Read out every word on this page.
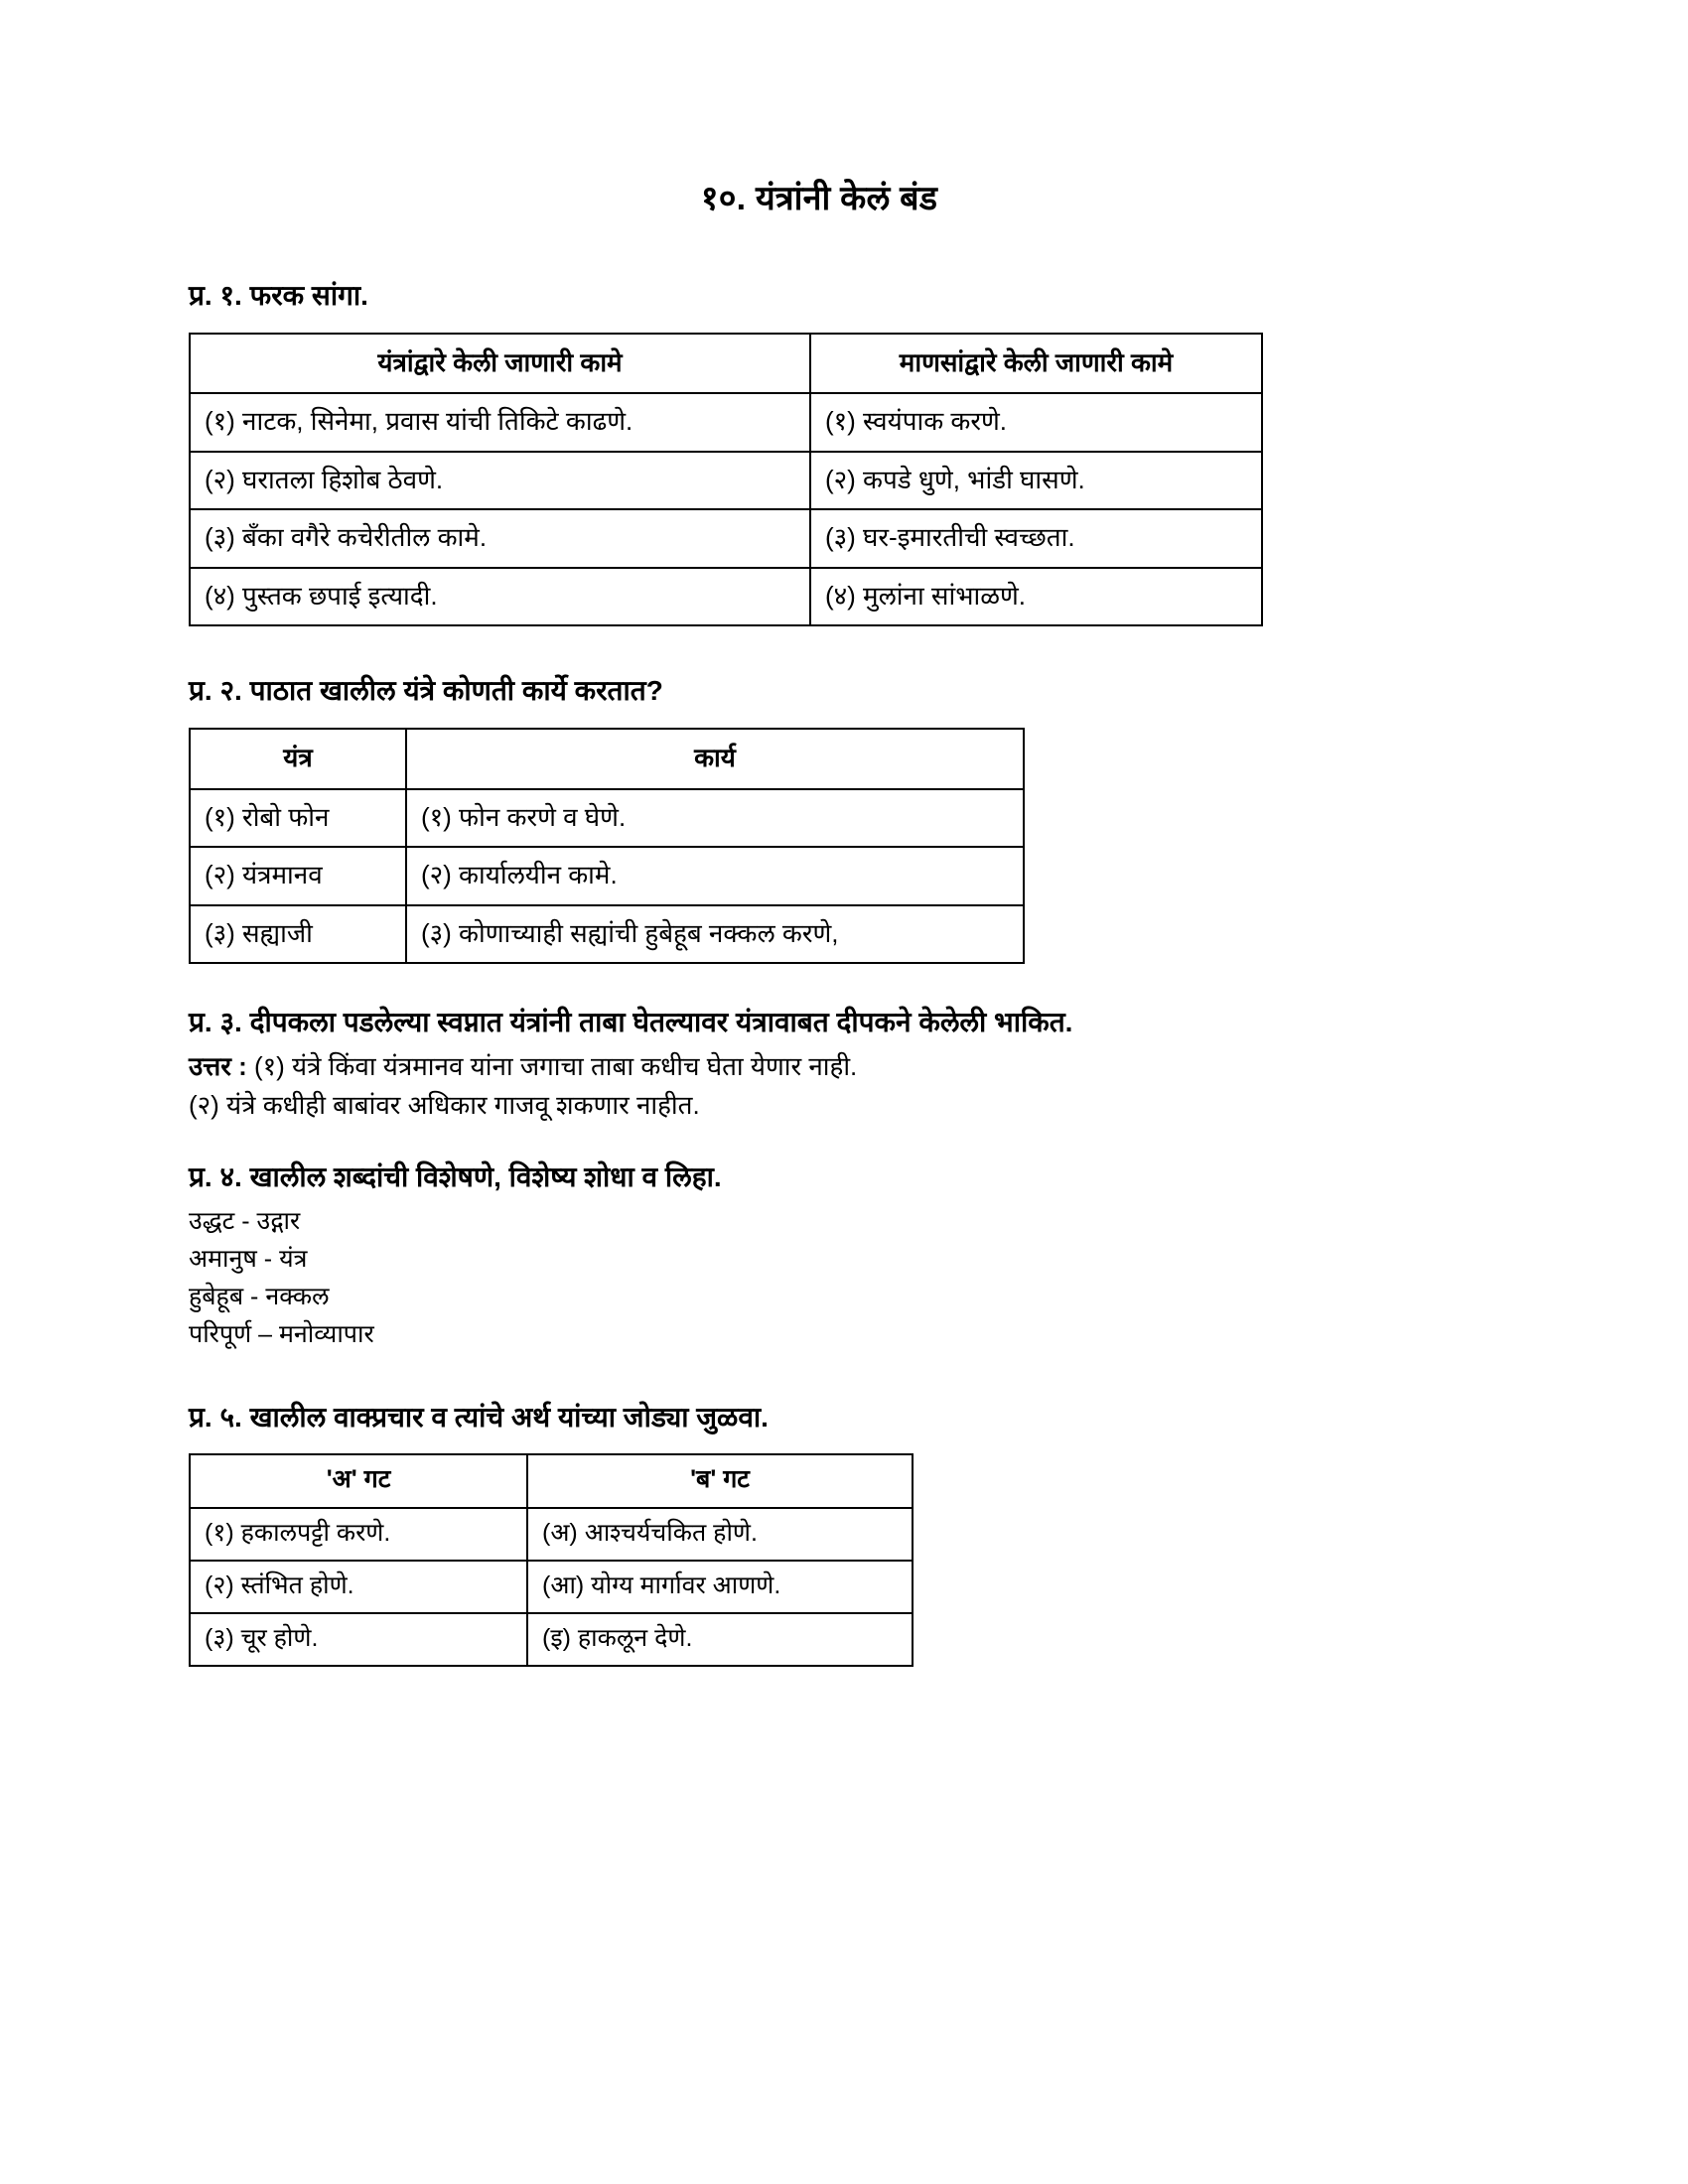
१०. यंत्रांनी केलं बंड
प्र. १. फरक सांगा.
यंत्रांद्वारे केली जाणारी कामे	माणसांद्वारे केली जाणारी कामे
(१) नाटक, सिनेमा, प्रवास यांची तिकिटे काढणे.	(१) स्वयंपाक करणे.
(२) घरातला हिशोब ठेवणे.	(२) कपडे धुणे, भांडी घासणे.
(३) बँका वगैरे कचेरीतील कामे.	(३) घर-इमारतीची स्वच्छता.
(४) पुस्तक छपाई इत्यादी.	(४) मुलांना सांभाळणे.
प्र. २. पाठात खालील यंत्रे कोणती कार्ये करतात?
यंत्र	कार्य
(१) रोबो फोन	(१) फोन करणे व घेणे.
(२) यंत्रमानव	(२) कार्यालयीन कामे.
(३) सह्याजी	(३) कोणाच्याही सह्यांची हुबेहूब नक्कल करणे,
प्र. ३. दीपकला पडलेल्या स्वप्नात यंत्रांनी ताबा घेतल्यावर यंत्रावाबत दीपकने केलेली भाकित.

उत्तर : (१) यंत्रे किंवा यंत्रमानव यांना जगाचा ताबा कधीच घेता येणार नाही.

(२) यंत्रे कधीही बाबांवर अधिकार गाजवू शकणार नाहीत.

प्र. ४. खालील शब्दांची विशेषणे, विशेष्य शोधा व लिहा.

उद्धट - उद्गार

अमानुष - यंत्र

हुबेहूब - नक्कल

परिपूर्ण – मनोव्यापार

प्र. ५. खालील वाक्प्रचार व त्यांचे अर्थ यांच्या जोड्या जुळवा.
'अ' गट	'ब' गट
(१) हकालपट्टी करणे.	(अ) आश्चर्यचकित होणे.
(२) स्तंभित होणे.	(आ) योग्य मार्गावर आणणे.
(३) चूर होणे.	(इ) हाकलून देणे.
